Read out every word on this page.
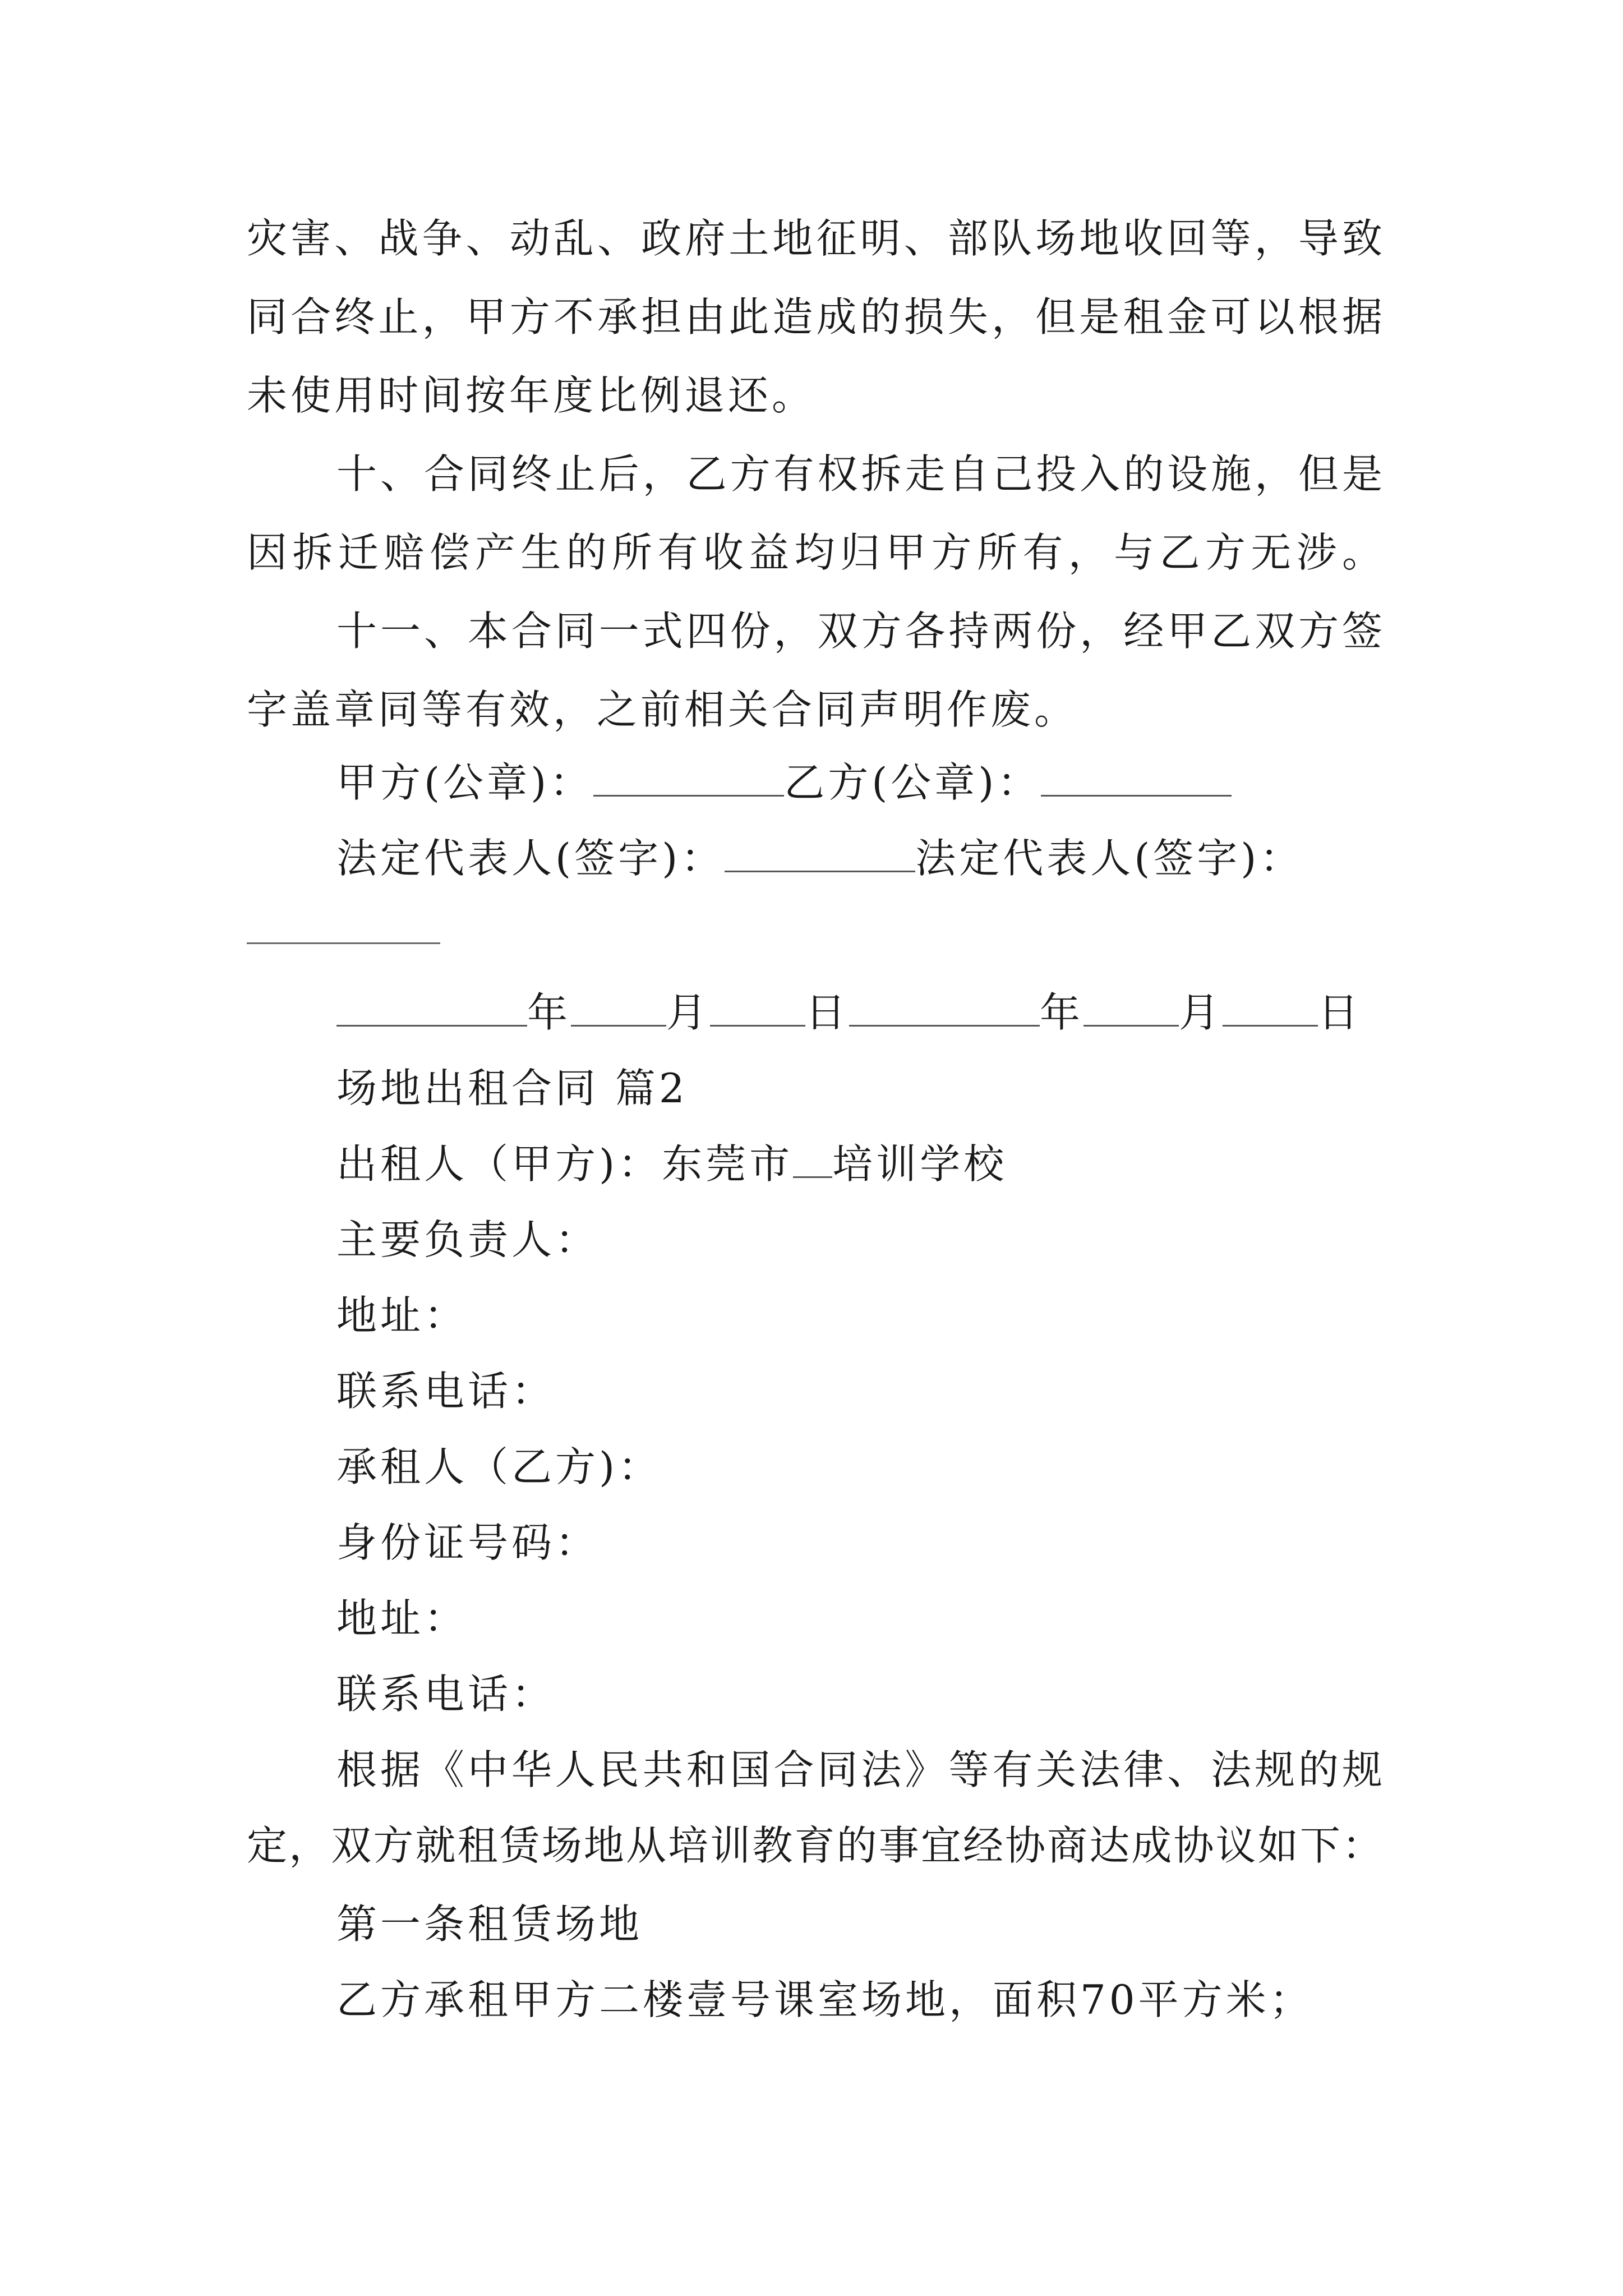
灾害、战争、动乱、政府土地征明、部队场地收回等，导致
同合终止，甲方不承担由此造成的损失，但是租金可以根据
未使用时间按年度比例退还。
十、合同终止后，乙方有权拆走自己投入的设施，但是
因拆迁赔偿产生的所有收益均归甲方所有，与乙方无涉。
十一、本合同一式四份，双方各持两份，经甲乙双方签
字盖章同等有效，之前相关合同声明作废。
甲方(公章)：	乙方(公章)：
法定代表人(签字)：	法定代表人(签字)：
年 月 日	年 月 日
场地出租合同 篇2
出租人（甲方)：东莞市 培训学校
主要负责人：
地址：
联系电话：
承租人（乙方)：
身份证号码：
地址：
联系电话：
根据《中华人民共和国合同法》等有关法律、法规的规
定，双方就租赁场地从培训教育的事宜经协商达成协议如下：
第一条租赁场地
乙方承租甲方二楼壹号课室场地，面积70平方米；
